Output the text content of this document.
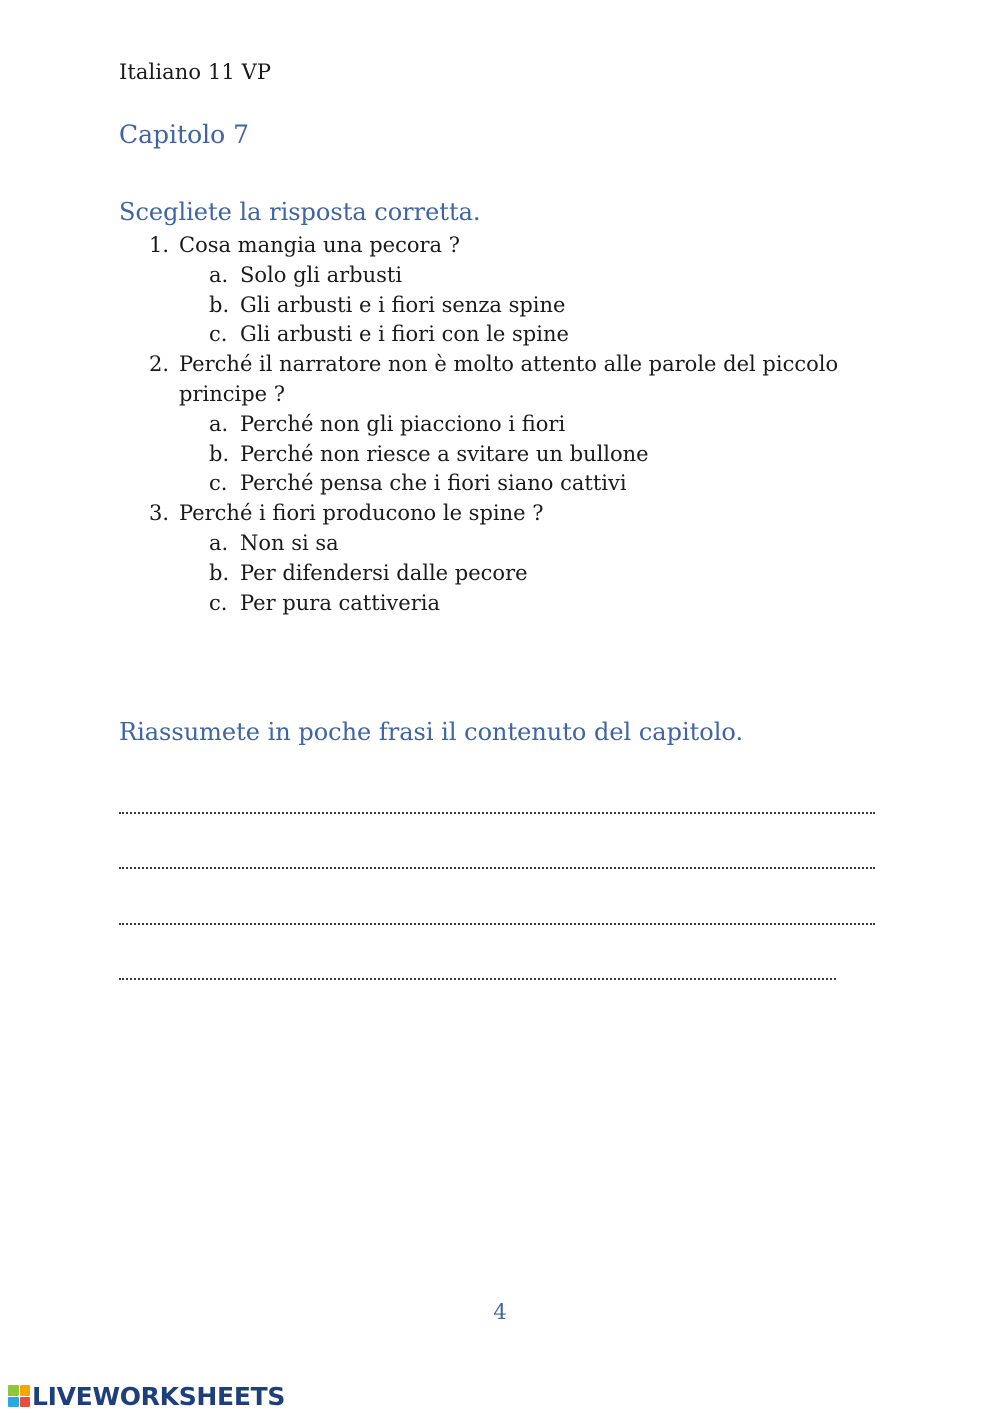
Italiano 11 VP
Capitolo 7
Scegliete la risposta corretta.
1. Cosa mangia una pecora ?
a. Solo gli arbusti
b. Gli arbusti e i fiori senza spine
c. Gli arbusti e i fiori con le spine
2. Perché il narratore non è molto attento alle parole del piccolo principe ?
a. Perché non gli piacciono i fiori
b. Perché non riesce a svitare un bullone
c. Perché pensa che i fiori siano cattivi
3. Perché i fiori producono le spine ?
a. Non si sa
b. Per difendersi dalle pecore
c. Per pura cattiveria
Riassumete in poche frasi il contenuto del capitolo.
4
LIVEWORKSHEETS
